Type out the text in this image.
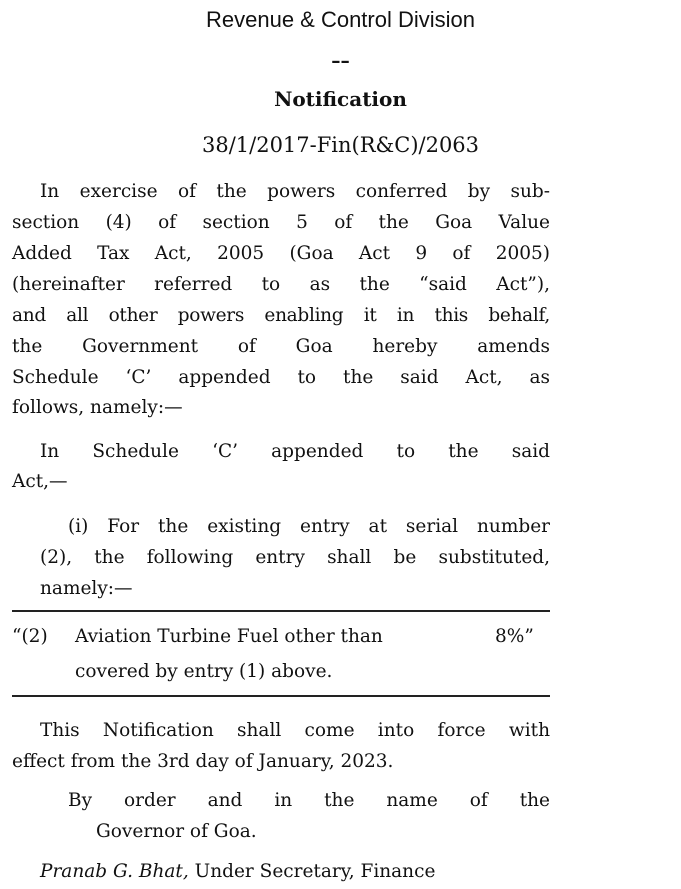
Revenue & Control Division
––
Notification
38/1/2017-Fin(R&C)/2063
In exercise of the powers conferred by sub-
section (4) of section 5 of the Goa Value
Added Tax Act, 2005 (Goa Act 9 of 2005)
(hereinafter referred to as the “said Act”),
and all other powers enabling it in this behalf,
the Government of Goa hereby amends
Schedule ‘C’ appended to the said Act, as
follows, namely:—
In Schedule ‘C’ appended to the said
Act,—
(i) For the existing entry at serial number
(2), the following entry shall be substituted,
namely:—
“(2) Aviation Turbine Fuel other than	8%”
covered by entry (1) above.
This Notification shall come into force with
effect from the 3rd day of January, 2023.
By order and in the name of the
Governor of Goa.
Pranab G. Bhat, Under Secretary, Finance
